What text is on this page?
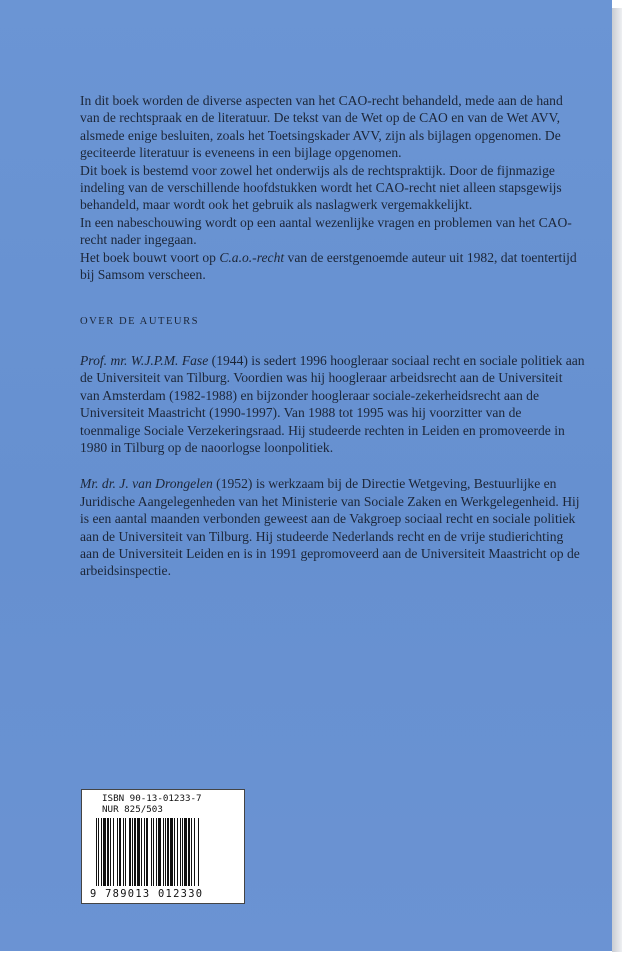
In dit boek worden de diverse aspecten van het CAO-recht behandeld, mede aan de hand van de rechtspraak en de literatuur. De tekst van de Wet op de CAO en van de Wet AVV, alsmede enige besluiten, zoals het Toetsingskader AVV, zijn als bijlagen opgenomen. De geciteerde literatuur is eveneens in een bijlage opgenomen.

Dit boek is bestemd voor zowel het onderwijs als de rechtspraktijk. Door de fijnmazige indeling van de verschillende hoofdstukken wordt het CAO-recht niet alleen stapsgewijs behandeld, maar wordt ook het gebruik als naslagwerk vergemakkelijkt.

In een nabeschouwing wordt op een aantal wezenlijke vragen en problemen van het CAO-recht nader ingegaan.

Het boek bouwt voort op C.a.o.-recht van de eerstgenoemde auteur uit 1982, dat toentertijd bij Samsom verscheen.

OVER DE AUTEURS

Prof. mr. W.J.P.M. Fase (1944) is sedert 1996 hoogleraar sociaal recht en sociale politiek aan de Universiteit van Tilburg. Voordien was hij hoogleraar arbeidsrecht aan de Universiteit van Amsterdam (1982-1988) en bijzonder hoogleraar sociale-zekerheidsrecht aan de Universiteit Maastricht (1990-1997). Van 1988 tot 1995 was hij voorzitter van de toenmalige Sociale Verzekeringsraad. Hij studeerde rechten in Leiden en promoveerde in 1980 in Tilburg op de naoorlogse loonpolitiek.

Mr. dr. J. van Drongelen (1952) is werkzaam bij de Directie Wetgeving, Bestuurlijke en Juridische Aangelegenheden van het Ministerie van Sociale Zaken en Werkgelegenheid. Hij is een aantal maanden verbonden geweest aan de Vakgroep sociaal recht en sociale politiek aan de Universiteit van Tilburg. Hij studeerde Nederlands recht en de vrije studierichting aan de Universiteit Leiden en is in 1991 gepromoveerd aan de Universiteit Maastricht op de arbeidsinspectie.

ISBN 90-13-01233-7
NUR 825/503
9 789013 012330
